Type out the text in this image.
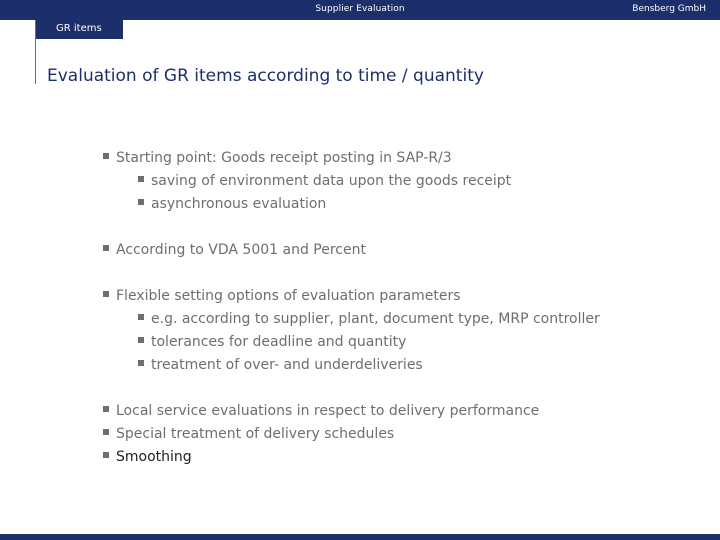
Supplier Evaluation	Bensberg GmbH
GR items
Evaluation of GR items according to time / quantity
Starting point: Goods receipt posting in SAP-R/3
saving of environment data upon the goods receipt
asynchronous evaluation
According to VDA 5001 and Percent
Flexible setting options of evaluation parameters
e.g. according to supplier, plant, document type, MRP controller
tolerances for deadline and quantity
treatment of over- and underdeliveries
Local service evaluations in respect to delivery performance
Special treatment of delivery schedules
Smoothing
